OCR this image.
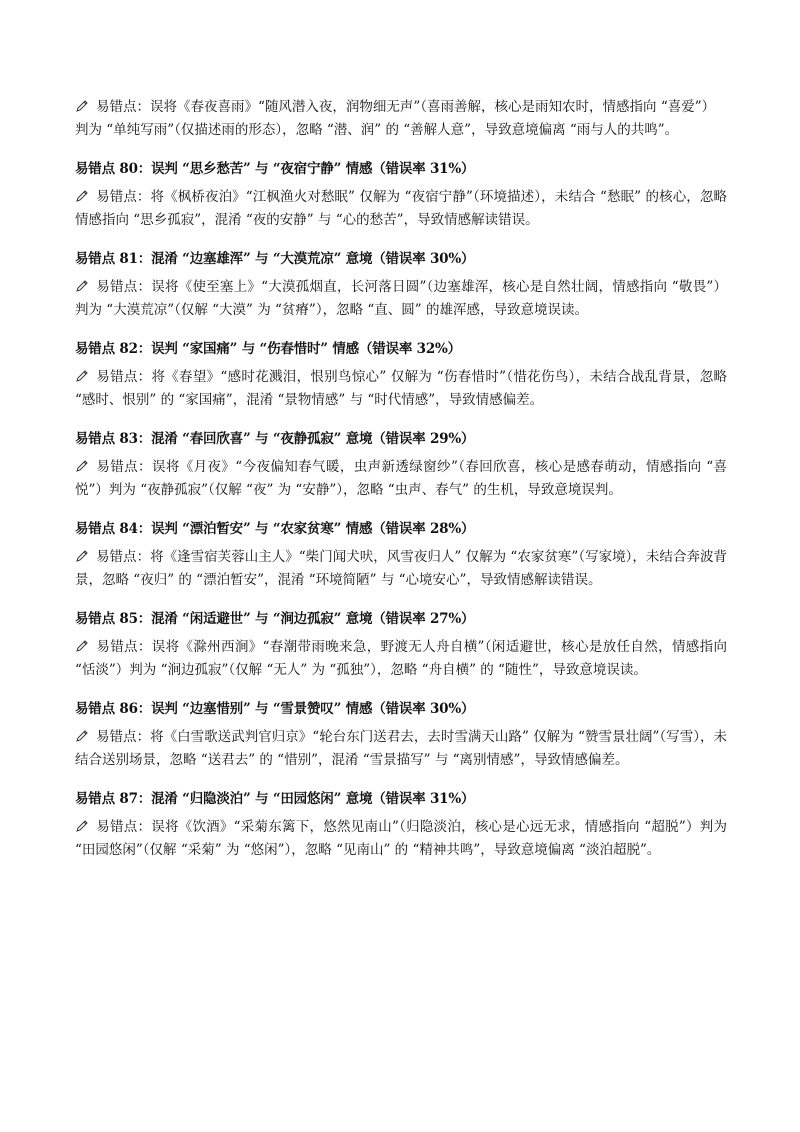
易错点：误将《春夜喜雨》“随风潜入夜，润物细无声”（喜雨善解，核心是雨知农时，情感指向 “喜爱”）判为 “单纯写雨”（仅描述雨的形态），忽略 “潜、润” 的 “善解人意”，导致意境偏离 “雨与人的共鸣”。

易错点 80：误判 “思乡愁苦” 与 “夜宿宁静” 情感（错误率 31%）

易错点：将《枫桥夜泊》“江枫渔火对愁眠” 仅解为 “夜宿宁静”（环境描述），未结合 “愁眠” 的核心，忽略情感指向 “思乡孤寂”，混淆 “夜的安静” 与 “心的愁苦”，导致情感解读错误。

易错点 81：混淆 “边塞雄浑” 与 “大漠荒凉” 意境（错误率 30%）

易错点：误将《使至塞上》“大漠孤烟直，长河落日圆”（边塞雄浑，核心是自然壮阔，情感指向 “敬畏”）判为 “大漠荒凉”（仅解 “大漠” 为 “贫瘠”），忽略 “直、圆” 的雄浑感，导致意境误读。

易错点 82：误判 “家国痛” 与 “伤春惜时” 情感（错误率 32%）

易错点：将《春望》“感时花溅泪，恨别鸟惊心” 仅解为 “伤春惜时”（惜花伤鸟），未结合战乱背景，忽略 “感时、恨别” 的 “家国痛”，混淆 “景物情感” 与 “时代情感”，导致情感偏差。

易错点 83：混淆 “春回欣喜” 与 “夜静孤寂” 意境（错误率 29%）

易错点：误将《月夜》“今夜偏知春气暖，虫声新透绿窗纱”（春回欣喜，核心是感春萌动，情感指向 “喜悦”）判为 “夜静孤寂”（仅解 “夜” 为 “安静”），忽略 “虫声、春气” 的生机，导致意境误判。

易错点 84：误判 “漂泊暂安” 与 “农家贫寒” 情感（错误率 28%）

易错点：将《逢雪宿芙蓉山主人》“柴门闻犬吠，风雪夜归人” 仅解为 “农家贫寒”（写家境），未结合奔波背景，忽略 “夜归” 的 “漂泊暂安”，混淆 “环境简陋” 与 “心境安心”，导致情感解读错误。

易错点 85：混淆 “闲适避世” 与 “涧边孤寂” 意境（错误率 27%）

易错点：误将《滁州西涧》“春潮带雨晚来急，野渡无人舟自横”（闲适避世，核心是放任自然，情感指向 “恬淡”）判为 “涧边孤寂”（仅解 “无人” 为 “孤独”），忽略 “舟自横” 的 “随性”，导致意境误读。

易错点 86：误判 “边塞惜别” 与 “雪景赞叹” 情感（错误率 30%）

易错点：将《白雪歌送武判官归京》“轮台东门送君去，去时雪满天山路” 仅解为 “赞雪景壮阔”（写雪），未结合送别场景，忽略 “送君去” 的 “惜别”，混淆 “雪景描写” 与 “离别情感”，导致情感偏差。

易错点 87：混淆 “归隐淡泊” 与 “田园悠闲” 意境（错误率 31%）

易错点：误将《饮酒》“采菊东篱下，悠然见南山”（归隐淡泊，核心是心远无求，情感指向 “超脱”）判为 “田园悠闲”（仅解 “采菊” 为 “悠闲”），忽略 “见南山” 的 “精神共鸣”，导致意境偏离 “淡泊超脱”。
